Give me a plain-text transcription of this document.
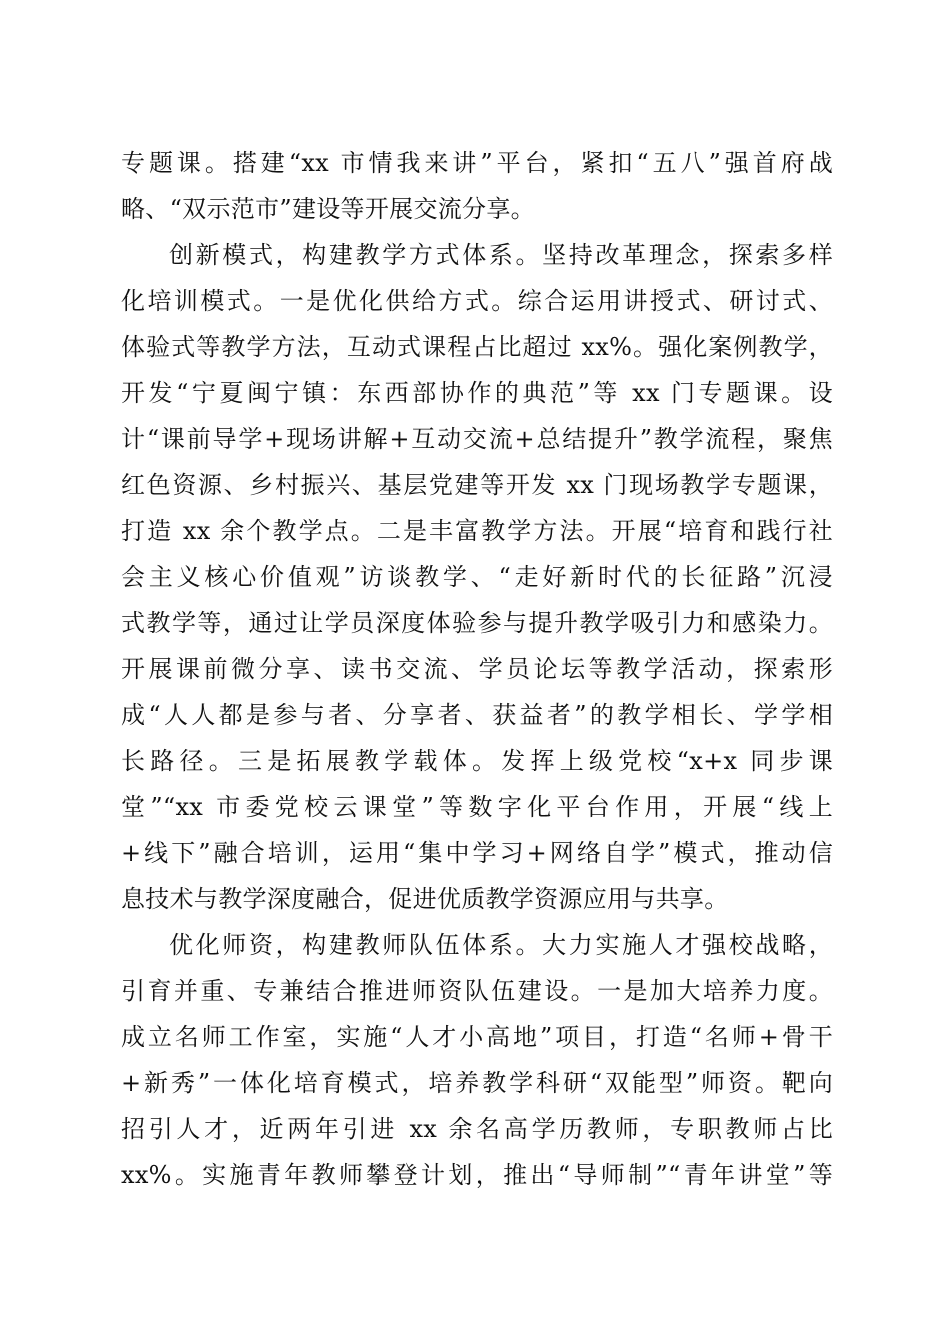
专题课。搭建“xx 市情我来讲”平台，紧扣“五八”强首府战
略、“双示范市”建设等开展交流分享。
创新模式，构建教学方式体系。坚持改革理念，探索多样
化培训模式。一是优化供给方式。综合运用讲授式、研讨式、
体验式等教学方法，互动式课程占比超过 xx%。强化案例教学，
开发“宁夏闽宁镇：东西部协作的典范”等 xx 门专题课。设
计“课前导学+现场讲解+互动交流+总结提升”教学流程，聚焦
红色资源、乡村振兴、基层党建等开发 xx 门现场教学专题课，
打造 xx 余个教学点。二是丰富教学方法。开展“培育和践行社
会主义核心价值观”访谈教学、“走好新时代的长征路”沉浸
式教学等，通过让学员深度体验参与提升教学吸引力和感染力。
开展课前微分享、读书交流、学员论坛等教学活动，探索形
成“人人都是参与者、分享者、获益者”的教学相长、学学相
长路径。三是拓展教学载体。发挥上级党校“x+x 同步课
堂”“xx 市委党校云课堂”等数字化平台作用，开展“线上
+线下”融合培训，运用“集中学习+网络自学”模式，推动信
息技术与教学深度融合，促进优质教学资源应用与共享。
优化师资，构建教师队伍体系。大力实施人才强校战略，
引育并重、专兼结合推进师资队伍建设。一是加大培养力度。
成立名师工作室，实施“人才小高地”项目，打造“名师+骨干
+新秀”一体化培育模式，培养教学科研“双能型”师资。靶向
招引人才，近两年引进 xx 余名高学历教师，专职教师占比
xx%。实施青年教师攀登计划，推出“导师制”“青年讲堂”等
